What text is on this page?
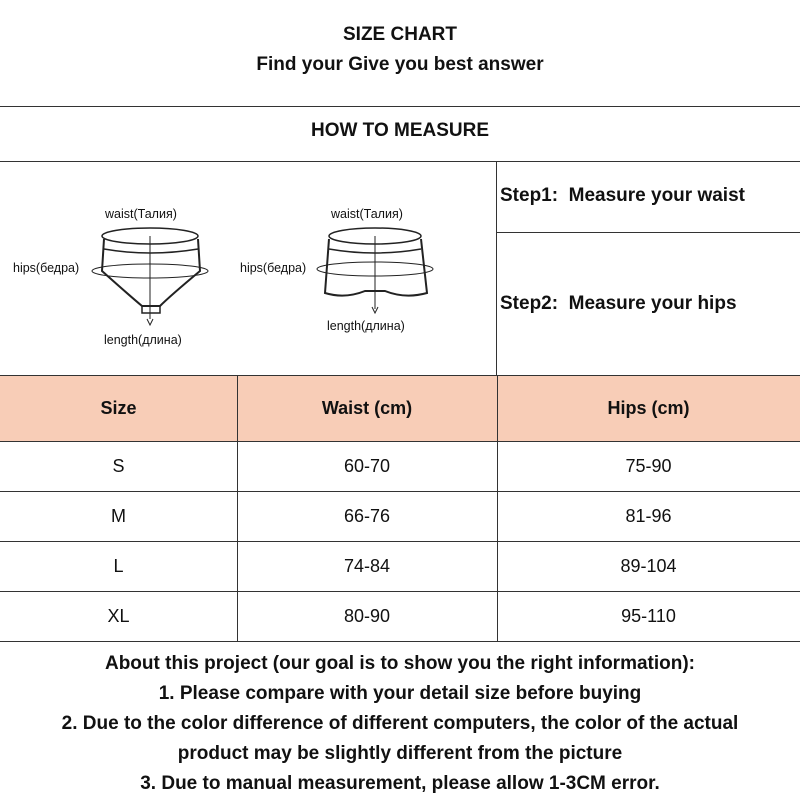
SIZE CHART
Find your Give you best answer
HOW TO MEASURE
waist(Талия)
hips(бедра)
length(длина)
waist(Талия)
hips(бедра)
length(длина)
Step1:  Measure your waist
Step2:  Measure your hips
Size	Waist (cm)	Hips (cm)
S	60-70	75-90
M	66-76	81-96
L	74-84	89-104
XL	80-90	95-110
About this project (our goal is to show you the right information):
1. Please compare with your detail size before buying
2. Due to the color difference of different computers, the color of the actual
product may be slightly different from the picture
3. Due to manual measurement, please allow 1-3CM error.
